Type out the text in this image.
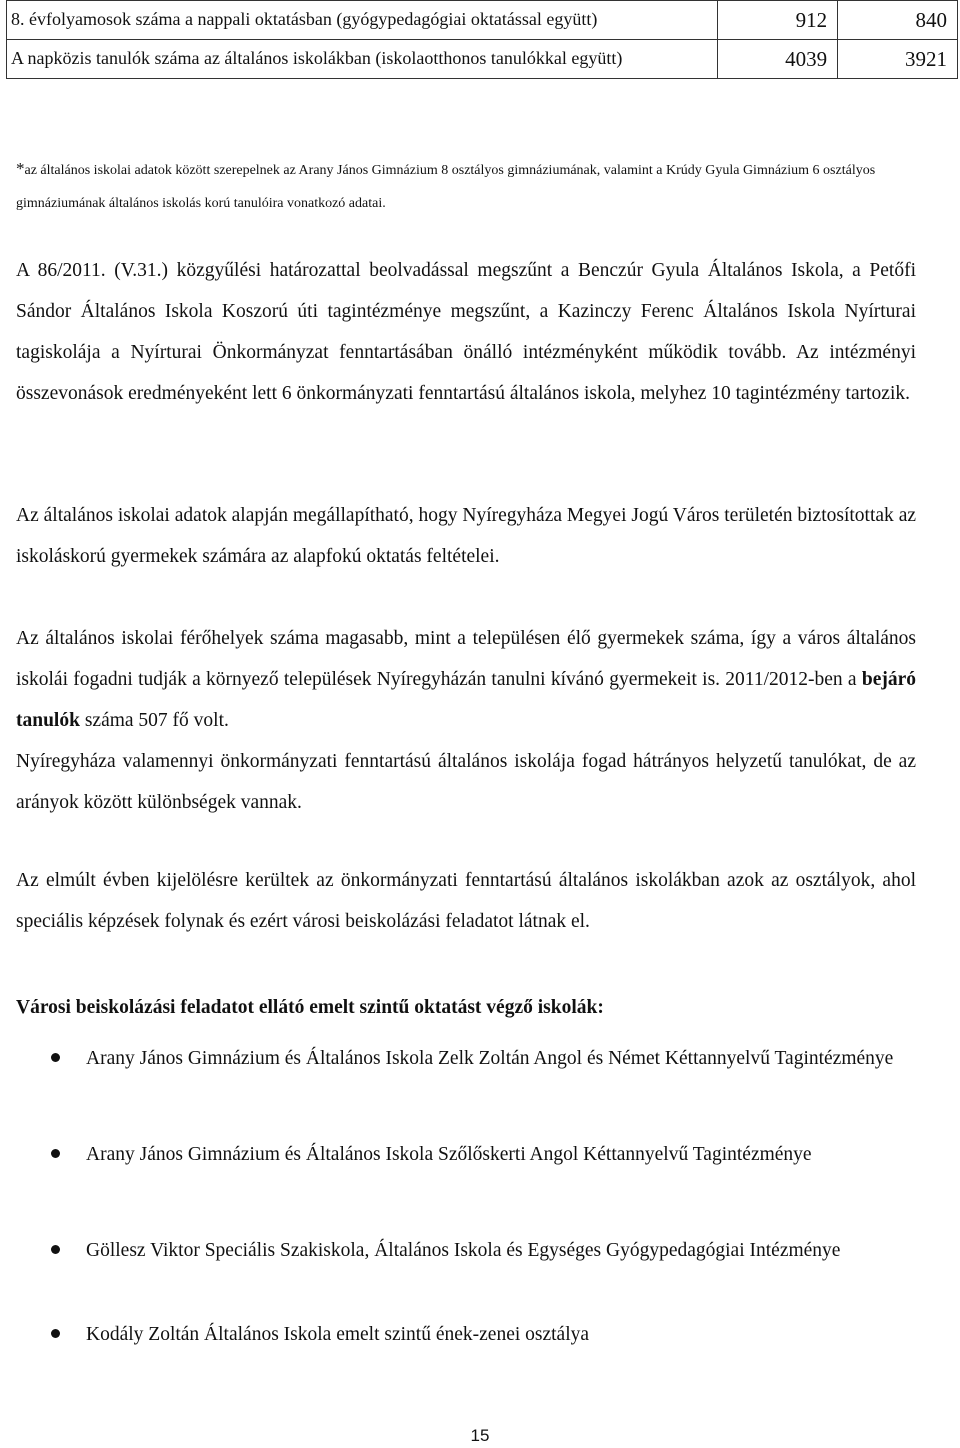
8. évfolyamosok száma a nappali oktatásban (gyógypedagógiai oktatással együtt)	912	840

A napközis tanulók száma az általános iskolákban (iskolaotthonos tanulókkal együtt)	4039	3921
*az általános iskolai adatok között szerepelnek az Arany János Gimnázium 8 osztályos gimnáziumának, valamint a Krúdy Gyula Gimnázium 6 osztályos gimnáziumának általános iskolás korú tanulóira vonatkozó adatai.

A 86/2011. (V.31.) közgyűlési határozattal beolvadással megszűnt a Benczúr Gyula Általános Iskola, a Petőfi Sándor Általános Iskola Koszorú úti tagintézménye megszűnt, a Kazinczy Ferenc Általános Iskola Nyírturai tagiskolája a Nyírturai Önkormányzat fenntartásában önálló intézményként működik tovább. Az intézményi összevonások eredményeként lett 6 önkormányzati fenntartású általános iskola, melyhez 10 tagintézmény tartozik.

Az általános iskolai adatok alapján megállapítható, hogy Nyíregyháza Megyei Jogú Város területén biztosítottak az iskoláskorú gyermekek számára az alapfokú oktatás feltételei.

Az általános iskolai férőhelyek száma magasabb, mint a településen élő gyermekek száma, így a város általános iskolái fogadni tudják a környező települések Nyíregyházán tanulni kívánó gyermekeit is. 2011/2012-ben a bejáró tanulók száma 507 fő volt.

Nyíregyháza valamennyi önkormányzati fenntartású általános iskolája fogad hátrányos helyzetű tanulókat, de az arányok között különbségek vannak.

Az elmúlt évben kijelölésre kerültek az önkormányzati fenntartású általános iskolákban azok az osztályok, ahol speciális képzések folynak és ezért városi beiskolázási feladatot látnak el.

Városi beiskolázási feladatot ellátó emelt szintű oktatást végző iskolák:

Arany János Gimnázium és Általános Iskola Zelk Zoltán Angol és Német Kéttannyelvű Tagintézménye
Arany János Gimnázium és Általános Iskola Szőlőskerti Angol Kéttannyelvű Tagintézménye
Göllesz Viktor Speciális Szakiskola, Általános Iskola és Egységes Gyógypedagógiai Intézménye
Kodály Zoltán Általános Iskola emelt szintű ének-zenei osztálya
15
